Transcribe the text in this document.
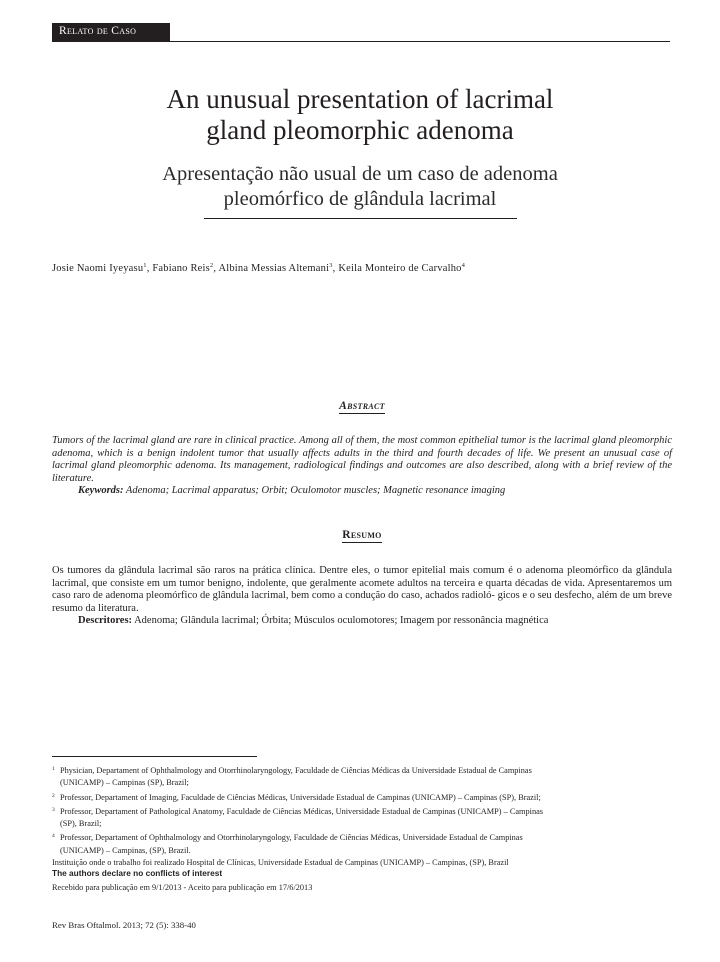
Relato de Caso
An unusual presentation of lacrimal
gland pleomorphic adenoma
Apresentação não usual de um caso de adenoma
pleomórfico de glândula lacrimal
Josie Naomi Iyeyasu$^1$, Fabiano Reis$^2$, Albina Messias Altemani$^3$, Keila Monteiro de Carvalho$^4$
Abstract
Tumors of the lacrimal gland are rare in clinical practice. Among all of them, the most common epithelial tumor is the lacrimal gland pleomorphic adenoma, which is a benign indolent tumor that usually affects adults in the third and fourth decades of life. We present an unusual case of lacrimal gland pleomorphic adenoma. Its management, radiological findings and outcomes are also described, along with a brief review of the literature.
Keywords: Adenoma; Lacrimal apparatus; Orbit; Oculomotor muscles; Magnetic resonance imaging
Resumo
Os tumores da glândula lacrimal são raros na prática clínica. Dentre eles, o tumor epitelial mais comum é o adenoma pleomórfico da glândula lacrimal, que consiste em um tumor benigno, indolente, que geralmente acomete adultos na terceira e quarta décadas de vida. Apresentaremos um caso raro de adenoma pleomórfico de glândula lacrimal, bem como a condução do caso, achados radioló- gicos e o seu desfecho, além de um breve resumo da literatura.
Descritores: Adenoma; Glândula lacrimal; Órbita; Músculos oculomotores; Imagem por ressonância magnética
$^1$ Physician, Departament of Ophthalmology and Otorrhinolaryngology, Faculdade de Ciências Médicas da Universidade Estadual de Campinas
(UNICAMP) – Campinas (SP), Brazil;
$^2$ Professor, Departament of Imaging, Faculdade de Ciências Médicas, Universidade Estadual de Campinas (UNICAMP) – Campinas (SP), Brazil;
$^3$ Professor, Departament of Pathological Anatomy, Faculdade de Ciências Médicas, Universidade Estadual de Campinas (UNICAMP) – Campinas
(SP), Brazil;
$^4$ Professor, Departament of Ophthalmology and Otorrhinolaryngology, Faculdade de Ciências Médicas, Universidade Estadual de Campinas
(UNICAMP) – Campinas, (SP), Brazil.
Instituição onde o trabalho foi realizado Hospital de Clínicas, Universidade Estadual de Campinas (UNICAMP) – Campinas, (SP), Brazil
The authors declare no conflicts of interest
Recebido para publicação em 9/1/2013 - Aceito para publicação em 17/6/2013
Rev Bras Oftalmol. 2013; 72 (5): 338-40
